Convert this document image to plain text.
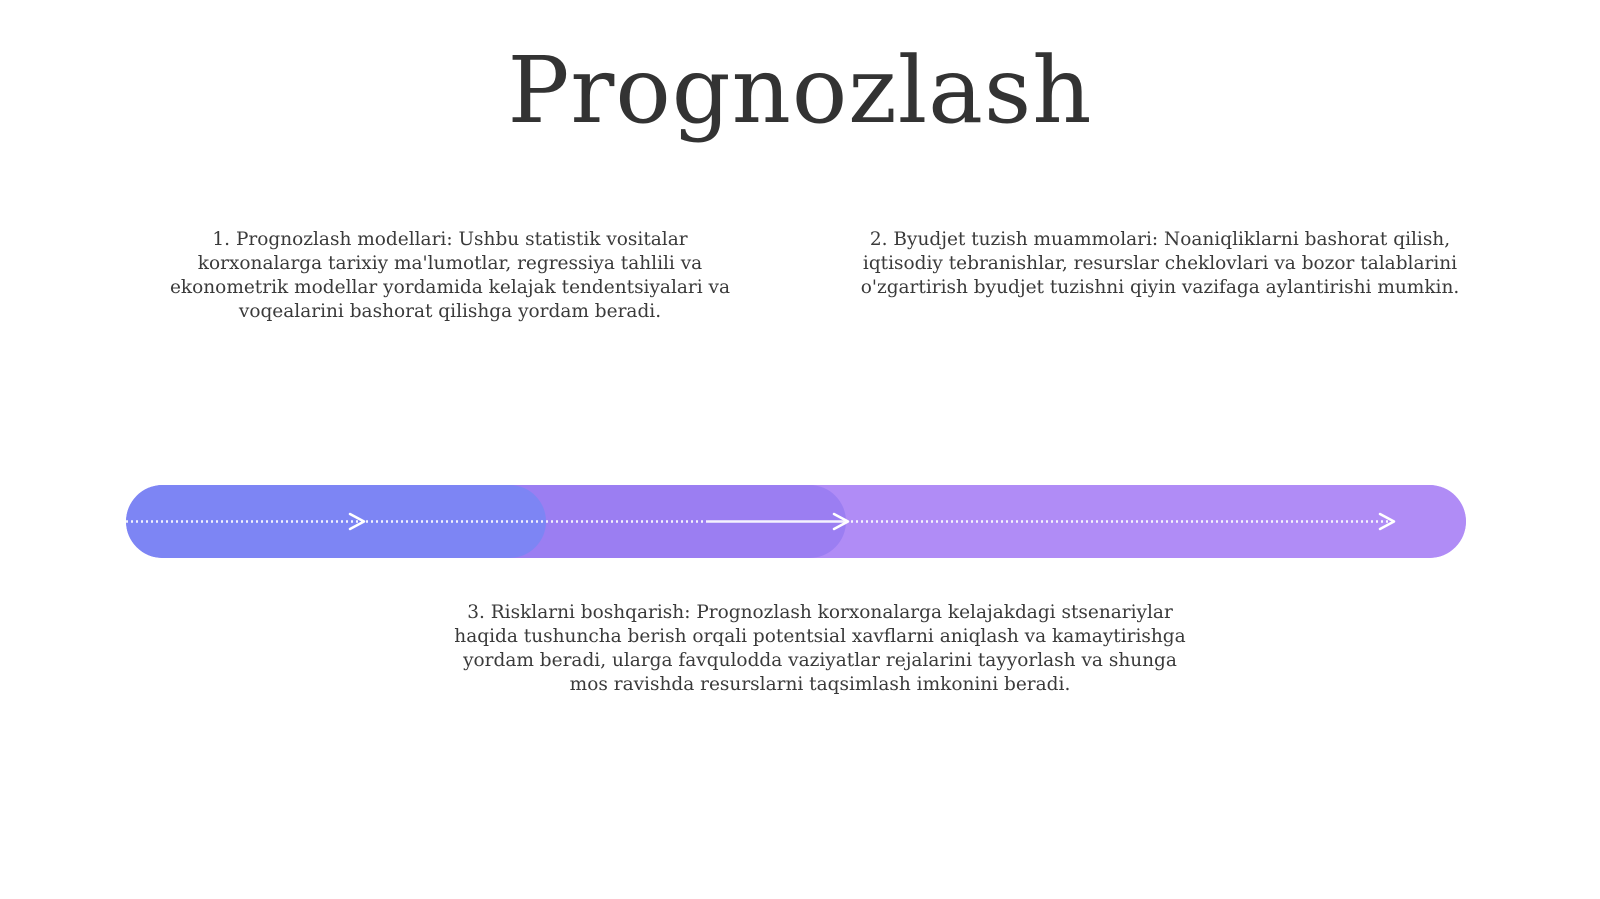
Prognozlash

1. Prognozlash modellari: Ushbu statistik vositalar korxonalarga tarixiy ma'lumotlar, regressiya tahlili va ekonometrik modellar yordamida kelajak tendentsiyalari va voqealarini bashorat qilishga yordam beradi.

2. Byudjet tuzish muammolari: Noaniqliklarni bashorat qilish, iqtisodiy tebranishlar, resurslar cheklovlari va bozor talablarini o'zgartirish byudjet tuzishni qiyin vazifaga aylantirishi mumkin.

3. Risklarni boshqarish: Prognozlash korxonalarga kelajakdagi stsenariylar haqida tushuncha berish orqali potentsial xavflarni aniqlash va kamaytirishga yordam beradi, ularga favqulodda vaziyatlar rejalarini tayyorlash va shunga mos ravishda resurslarni taqsimlash imkonini beradi.
